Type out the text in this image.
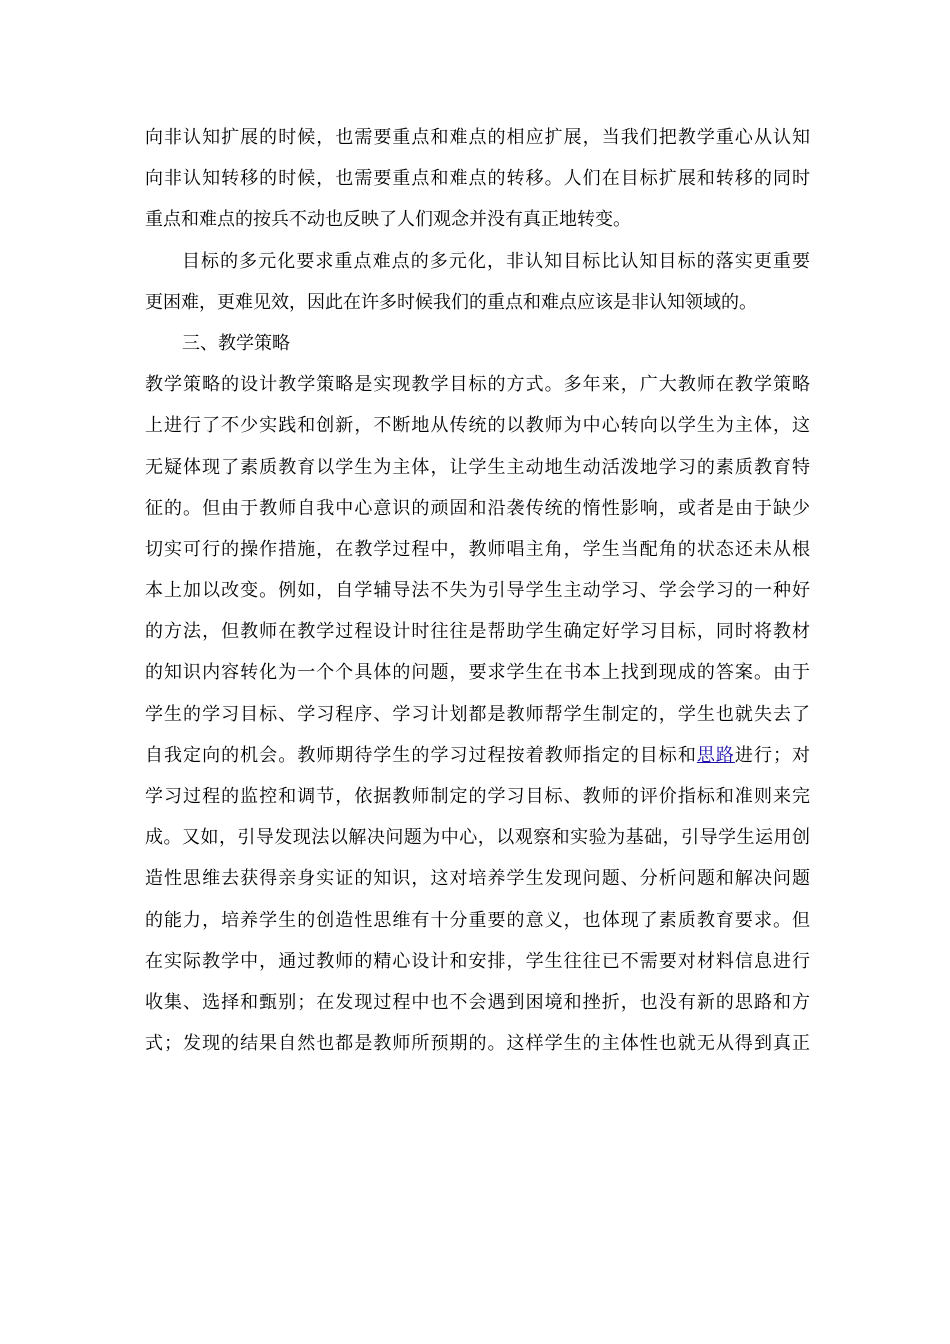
向非认知扩展的时候，也需要重点和难点的相应扩展，当我们把教学重心从认知
向非认知转移的时候，也需要重点和难点的转移。人们在目标扩展和转移的同时
重点和难点的按兵不动也反映了人们观念并没有真正地转变。
目标的多元化要求重点难点的多元化，非认知目标比认知目标的落实更重要
更困难，更难见效，因此在许多时候我们的重点和难点应该是非认知领域的。
三、教学策略
教学策略的设计教学策略是实现教学目标的方式。多年来，广大教师在教学策略
上进行了不少实践和创新，不断地从传统的以教师为中心转向以学生为主体，这
无疑体现了素质教育以学生为主体，让学生主动地生动活泼地学习的素质教育特
征的。但由于教师自我中心意识的顽固和沿袭传统的惰性影响，或者是由于缺少
切实可行的操作措施，在教学过程中，教师唱主角，学生当配角的状态还未从根
本上加以改变。例如，自学辅导法不失为引导学生主动学习、学会学习的一种好
的方法，但教师在教学过程设计时往往是帮助学生确定好学习目标，同时将教材
的知识内容转化为一个个具体的问题，要求学生在书本上找到现成的答案。由于
学生的学习目标、学习程序、学习计划都是教师帮学生制定的，学生也就失去了
自我定向的机会。教师期待学生的学习过程按着教师指定的目标和思路进行；对
学习过程的监控和调节，依据教师制定的学习目标、教师的评价指标和准则来完
成。又如，引导发现法以解决问题为中心，以观察和实验为基础，引导学生运用创
造性思维去获得亲身实证的知识，这对培养学生发现问题、分析问题和解决问题
的能力，培养学生的创造性思维有十分重要的意义，也体现了素质教育要求。但
在实际教学中，通过教师的精心设计和安排，学生往往已不需要对材料信息进行
收集、选择和甄别；在发现过程中也不会遇到困境和挫折，也没有新的思路和方
式；发现的结果自然也都是教师所预期的。这样学生的主体性也就无从得到真正
